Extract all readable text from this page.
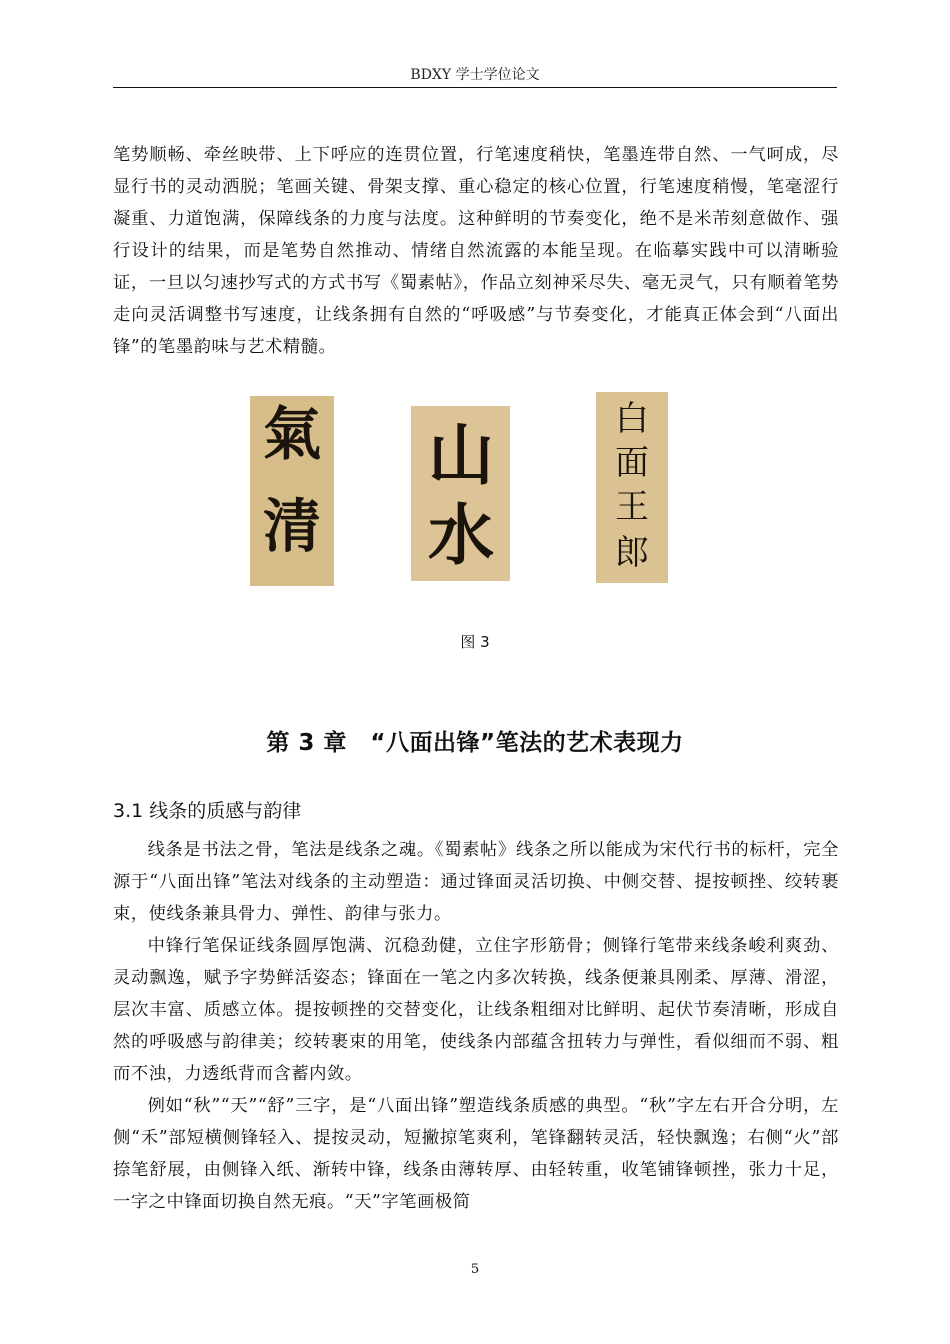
BDXY 学士学位论文

笔势顺畅、牵丝映带、上下呼应的连贯位置，行笔速度稍快，笔墨连带自然、一气呵成，尽显行书的灵动洒脱；笔画关键、骨架支撑、重心稳定的核心位置，行笔速度稍慢，笔毫涩行凝重、力道饱满，保障线条的力度与法度。这种鲜明的节奏变化，绝不是米芾刻意做作、强行设计的结果，而是笔势自然推动、情绪自然流露的本能呈现。在临摹实践中可以清晰验证，一旦以匀速抄写式的方式书写《蜀素帖》，作品立刻神采尽失、毫无灵气，只有顺着笔势走向灵活调整书写速度，让线条拥有自然的“呼吸感”与节奏变化，才能真正体会到“八面出锋”的笔墨韵味与艺术精髓。

氣
清
山
水
白
面
王
郎
图 3
第 3 章　“八面出锋”笔法的艺术表现力
3.1 线条的质感与韵律

线条是书法之骨，笔法是线条之魂。《蜀素帖》线条之所以能成为宋代行书的标杆，完全源于“八面出锋”笔法对线条的主动塑造：通过锋面灵活切换、中侧交替、提按顿挫、绞转裹束，使线条兼具骨力、弹性、韵律与张力。

中锋行笔保证线条圆厚饱满、沉稳劲健，立住字形筋骨；侧锋行笔带来线条峻利爽劲、灵动飘逸，赋予字势鲜活姿态；锋面在一笔之内多次转换，线条便兼具刚柔、厚薄、滑涩，层次丰富、质感立体。提按顿挫的交替变化，让线条粗细对比鲜明、起伏节奏清晰，形成自然的呼吸感与韵律美；绞转裹束的用笔，使线条内部蕴含扭转力与弹性，看似细而不弱、粗而不浊，力透纸背而含蓄内敛。

例如“秋”“天”“舒”三字，是“八面出锋”塑造线条质感的典型。“秋”字左右开合分明，左侧“禾”部短横侧锋轻入、提按灵动，短撇掠笔爽利，笔锋翻转灵活，轻快飘逸；右侧“火”部捺笔舒展，由侧锋入纸、渐转中锋，线条由薄转厚、由轻转重，收笔铺锋顿挫，张力十足，一字之中锋面切换自然无痕。“天”字笔画极简

5
